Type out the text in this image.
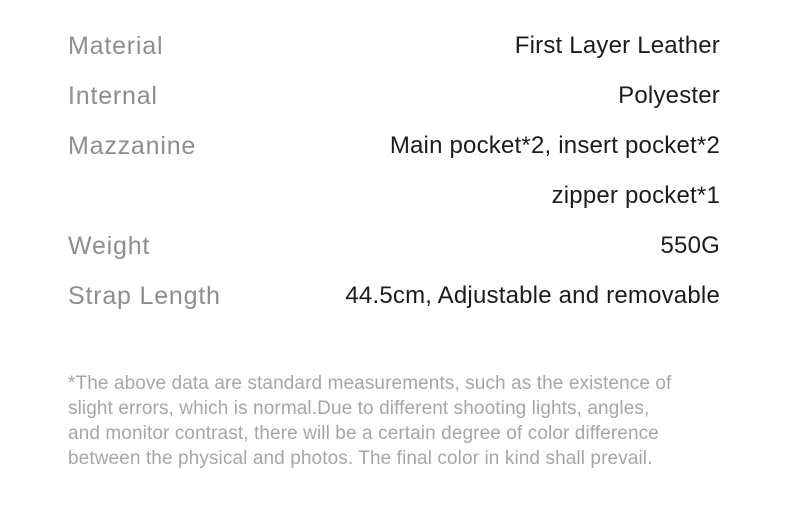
Material	First Layer Leather
Internal	Polyester
Mazzanine	Main pocket*2, insert pocket*2
zipper pocket*1
Weight	550G
Strap Length	44.5cm, Adjustable and removable
*The above data are standard measurements, such as the existence of
slight errors, which is normal.Due to different shooting lights, angles,
and monitor contrast, there will be a certain degree of color difference
between the physical and photos. The final color in kind shall prevail.
